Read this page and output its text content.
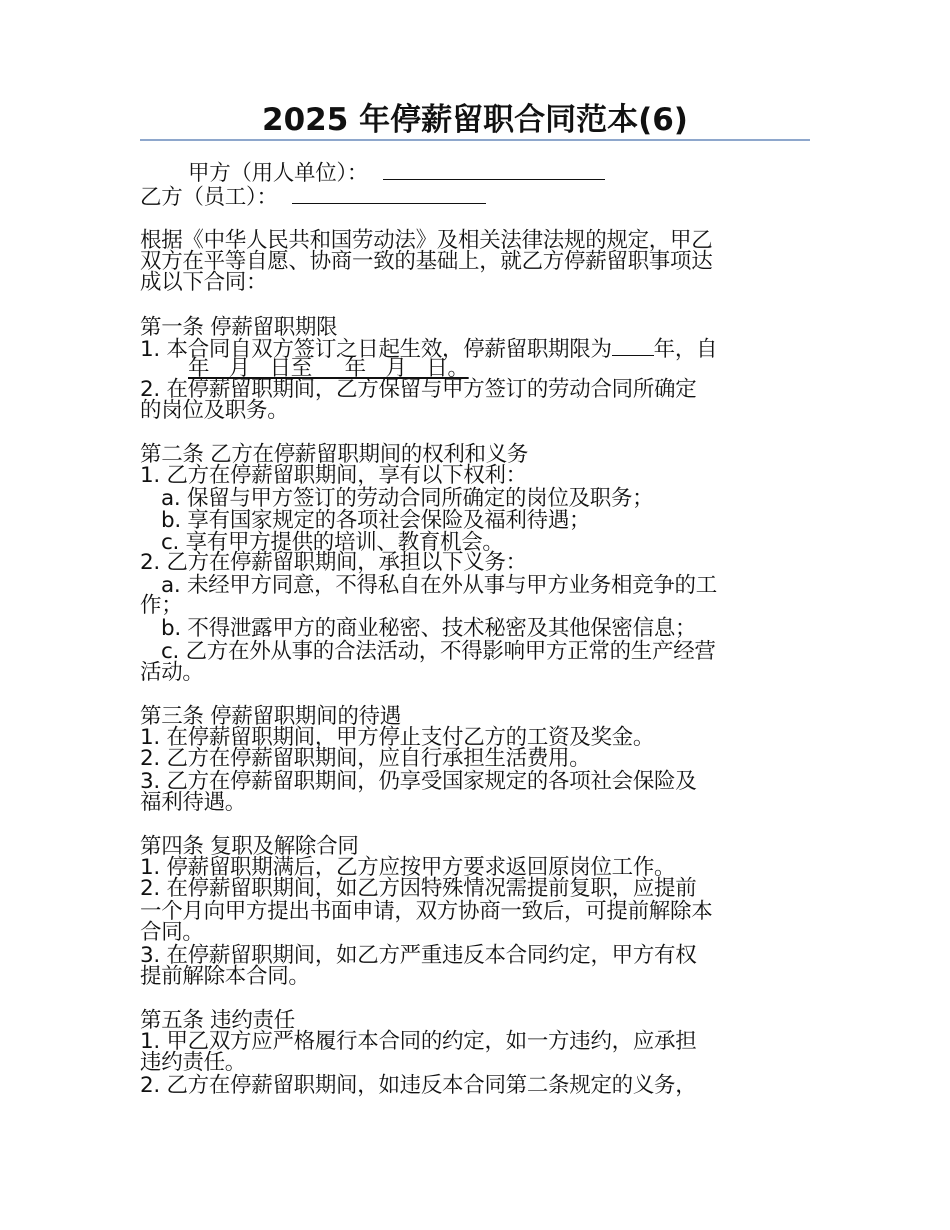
2025 年停薪留职合同范本(6)
甲方（用人单位）：
乙方（员工）：
根据《中华人民共和国劳动法》及相关法律法规的规定，甲乙
双方在平等自愿、协商一致的基础上，就乙方停薪留职事项达
成以下合同：
第一条 停薪留职期限
1. 本合同自双方签订之日起生效，停薪留职期限为 年，自
年   月   日至     年   月   日。
2. 在停薪留职期间，乙方保留与甲方签订的劳动合同所确定
的岗位及职务。
第二条 乙方在停薪留职期间的权利和义务
1. 乙方在停薪留职期间，享有以下权利：
a. 保留与甲方签订的劳动合同所确定的岗位及职务；
b. 享有国家规定的各项社会保险及福利待遇；
c. 享有甲方提供的培训、教育机会。
2. 乙方在停薪留职期间，承担以下义务：
a. 未经甲方同意，不得私自在外从事与甲方业务相竞争的工
作；
b. 不得泄露甲方的商业秘密、技术秘密及其他保密信息；
c. 乙方在外从事的合法活动，不得影响甲方正常的生产经营
活动。
第三条 停薪留职期间的待遇
1. 在停薪留职期间，甲方停止支付乙方的工资及奖金。
2. 乙方在停薪留职期间，应自行承担生活费用。
3. 乙方在停薪留职期间，仍享受国家规定的各项社会保险及
福利待遇。
第四条 复职及解除合同
1. 停薪留职期满后，乙方应按甲方要求返回原岗位工作。
2. 在停薪留职期间，如乙方因特殊情况需提前复职，应提前
一个月向甲方提出书面申请，双方协商一致后，可提前解除本
合同。
3. 在停薪留职期间，如乙方严重违反本合同约定，甲方有权
提前解除本合同。
第五条 违约责任
1. 甲乙双方应严格履行本合同的约定，如一方违约，应承担
违约责任。
2. 乙方在停薪留职期间，如违反本合同第二条规定的义务，
